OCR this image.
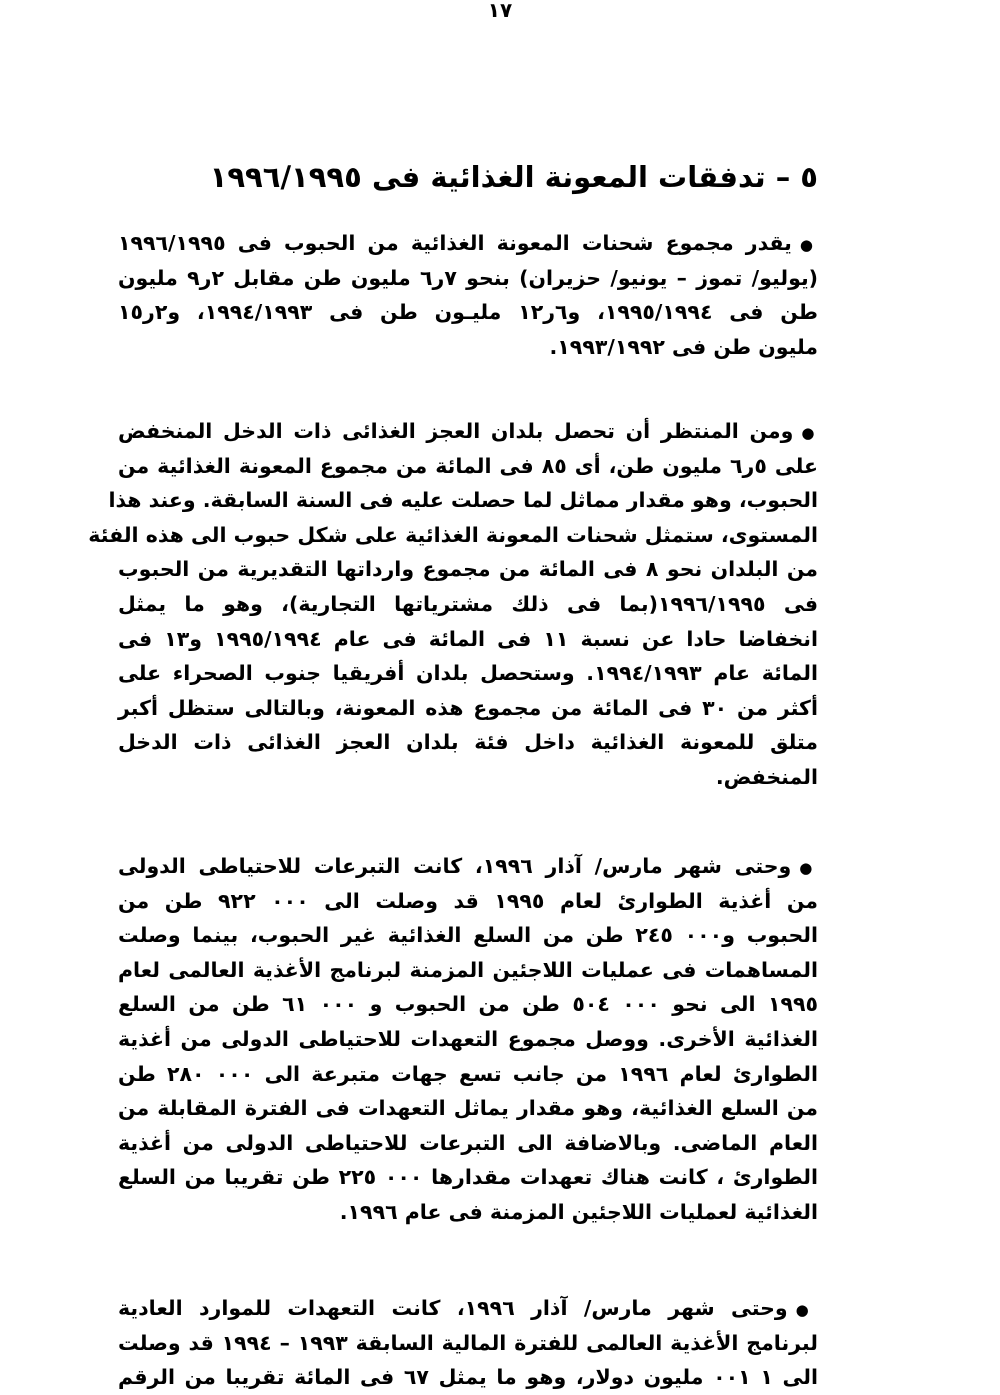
١٧
٥ – تدفقات المعونة الغذائية فى ١٩٩٦/١٩٩٥
●يقدر مجموع شحنات المعونة الغذائية من الحبوب فى ١٩٩٦/١٩٩٥
(يوليو/ تموز – يونيو/ حزيران) بنحو ٧ر٦ مليون طن مقابل ٢ر٩ مليون
طن فى ١٩٩٥/١٩٩٤، و٦ر١٢ مليـون طن فى ١٩٩٤/١٩٩٣، و٢ر١٥
مليون طن فى ١٩٩٣/١٩٩٢.
●ومن المنتظر أن تحصل بلدان العجز الغذائى ذات الدخل المنخفض
على ٥ر٦ مليون طن، أى ٨٥ فى المائة من مجموع المعونة الغذائية من
الحبوب، وهو مقدار مماثل لما حصلت عليه فى السنة السابقة. وعند هذا
المستوى، ستمثل شحنات المعونة الغذائية على شكل حبوب الى هذه الفئة
من البلدان نحو ٨ فى المائة من مجموع وارداتها التقديرية من الحبوب
فى ١٩٩٦/١٩٩٥(بما فى ذلك مشترياتها التجارية)، وهو ما يمثل
انخفاضا حادا عن نسبة ١١ فى المائة فى عام ١٩٩٥/١٩٩٤ و١٣ فى
المائة عام ١٩٩٤/١٩٩٣. وستحصل بلدان أفريقيا جنوب الصحراء على
أكثر من ٣٠ فى المائة من مجموع هذه المعونة، وبالتالى ستظل أكبر
متلق للمعونة الغذائية داخل فئة بلدان العجز الغذائى ذات الدخل
المنخفض.
●وحتى شهر مارس/ آذار ١٩٩٦، كانت التبرعات للاحتياطى الدولى
من أغذية الطوارئ لعام ١٩٩٥ قد وصلت الى ٠٠٠ ٩٢٢ طن من
الحبوب و٠٠٠ ٢٤٥ طن من السلع الغذائية غير الحبوب، بينما وصلت
المساهمات فى عمليات اللاجئين المزمنة لبرنامج الأغذية العالمى لعام
١٩٩٥ الى نحو ٠٠٠ ٥٠٤ طن من الحبوب و ٠٠٠ ٦١ طن من السلع
الغذائية الأخرى. ووصل مجموع التعهدات للاحتياطى الدولى من أغذية
الطوارئ لعام ١٩٩٦ من جانب تسع جهات متبرعة الى ٠٠٠ ٢٨٠ طن
من السلع الغذائية، وهو مقدار يماثل التعهدات فى الفترة المقابلة من
العام الماضى. وبالاضافة الى التبرعات للاحتياطى الدولى من أغذية
الطوارئ ، كانت هناك تعهدات مقدارها ٠٠٠ ٢٢٥ طن تقريبا من السلع
الغذائية لعمليات اللاجئين المزمنة فى عام ١٩٩٦.
●وحتى شهر مارس/ آذار ١٩٩٦، كانت التعهدات للموارد العادية
لبرنامج الأغذية العالمى للفترة المالية السابقة ١٩٩٣ – ١٩٩٤ قد وصلت
الى ١ ٠٠١ مليون دولار، وهو ما يمثل ٦٧ فى المائة تقريبا من الرقم
